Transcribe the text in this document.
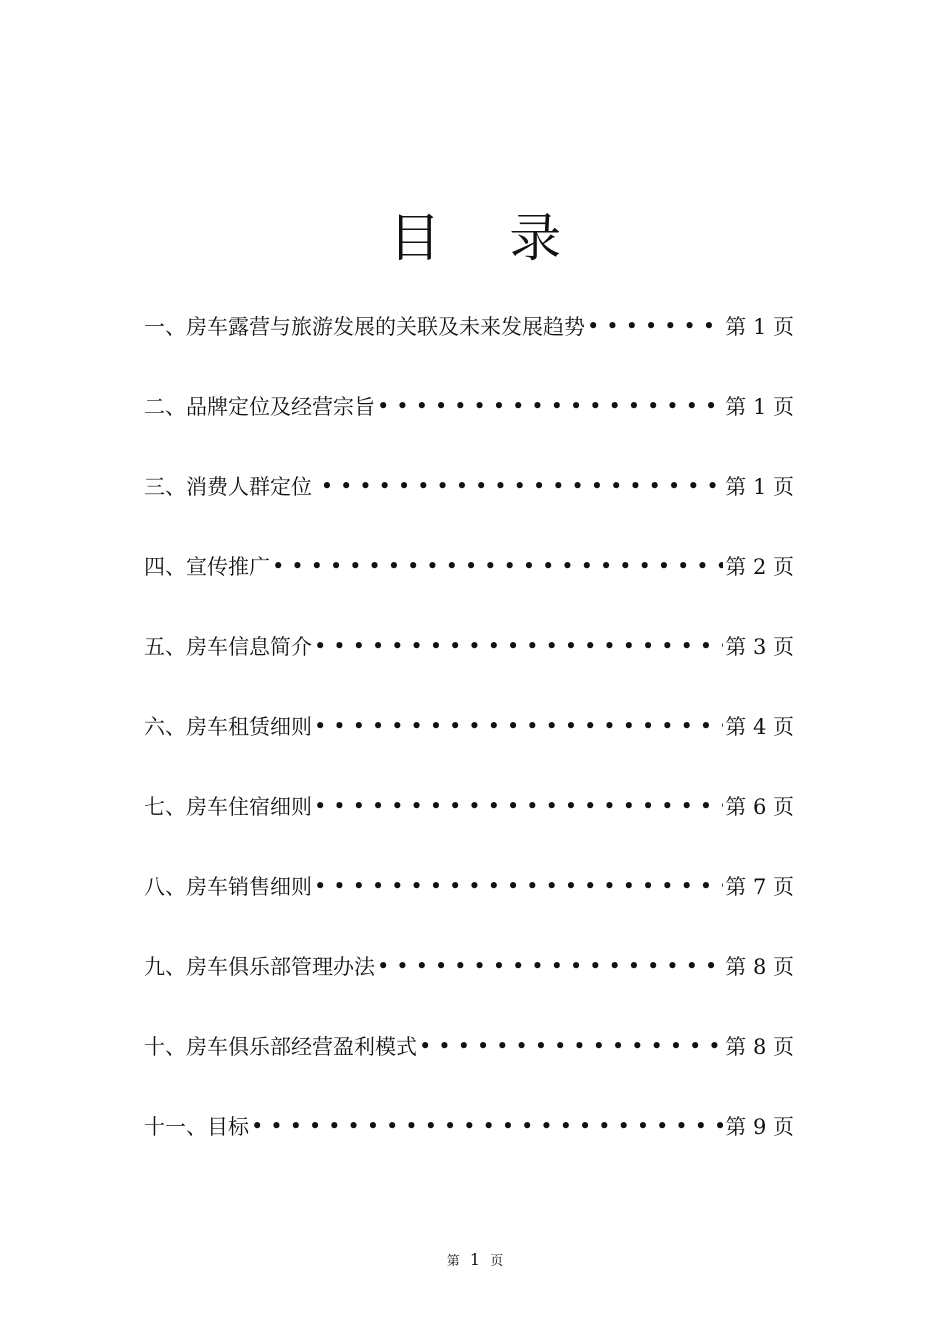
目 录
一、房车露营与旅游发展的关联及未来发展趋势 •••••	第 1 页
二、品牌定位及经营宗旨 •••••	第 1 页
三、消费人群定位 •••••	第 1 页
四、宣传推广 •••••	第 2 页
五、房车信息简介 •••••	第 3 页
六、房车租赁细则 •••••	第 4 页
七、房车住宿细则 •••••	第 6 页
八、房车销售细则 •••••	第 7 页
九、房车俱乐部管理办法 •••••	第 8 页
十、房车俱乐部经营盈利模式 •••••	第 8 页
十一、目标 •••••	第 9 页
第 1 页
